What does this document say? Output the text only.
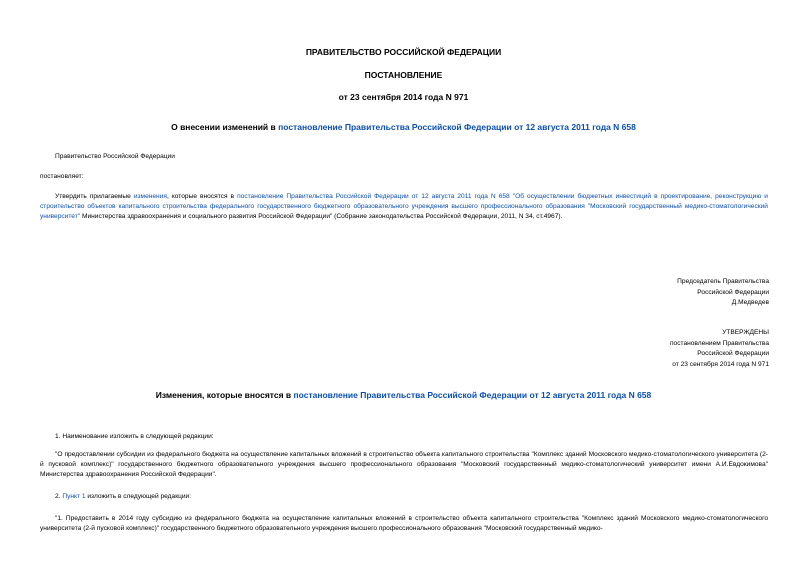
ПРАВИТЕЛЬСТВО РОССИЙСКОЙ ФЕДЕРАЦИИ
ПОСТАНОВЛЕНИЕ
от 23 сентября 2014 года N 971
О внесении изменений в постановление Правительства Российской Федерации от 12 августа 2011 года N 658
Правительство Российской Федерации
постановляет:
Утвердить прилагаемые изменения, которые вносятся в постановление Правительства Российской Федерации от 12 августа 2011 года N 658 "Об осуществлении бюджетных инвестиций в проектирование, реконструкцию и строительство объектов капитального строительства федерального государственного бюджетного образовательного учреждения высшего профессионального образования "Московский государственный медико-стоматологический университет" Министерства здравоохранения и социального развития Российской Федерации" (Собрание законодательства Российской Федерации, 2011, N 34, ст.4967).
Председатель Правительства
Российской Федерации
Д.Медведев
УТВЕРЖДЕНЫ
постановлением Правительства
Российской Федерации
от 23 сентября 2014 года N 971
Изменения, которые вносятся в постановление Правительства Российской Федерации от 12 августа 2011 года N 658
1. Наименование изложить в следующей редакции:
"О предоставлении субсидии из федерального бюджета на осуществление капитальных вложений в строительство объекта капитального строительства "Комплекс зданий Московского медико-стоматологического университета (2-й пусковой комплекс)" государственного бюджетного образовательного учреждения высшего профессионального образования "Московский государственный медико-стоматологический университет имени А.И.Евдокимова" Министерства здравоохранения Российской Федерации".
2. Пункт 1 изложить в следующей редакции:
"1. Предоставить в 2014 году субсидию из федерального бюджета на осуществление капитальных вложений в строительство объекта капитального строительства "Комплекс зданий Московского медико-стоматологического университета (2-й пусковой комплекс)" государственного бюджетного образовательного учреждения высшего профессионального образования "Московский государственный медико-
